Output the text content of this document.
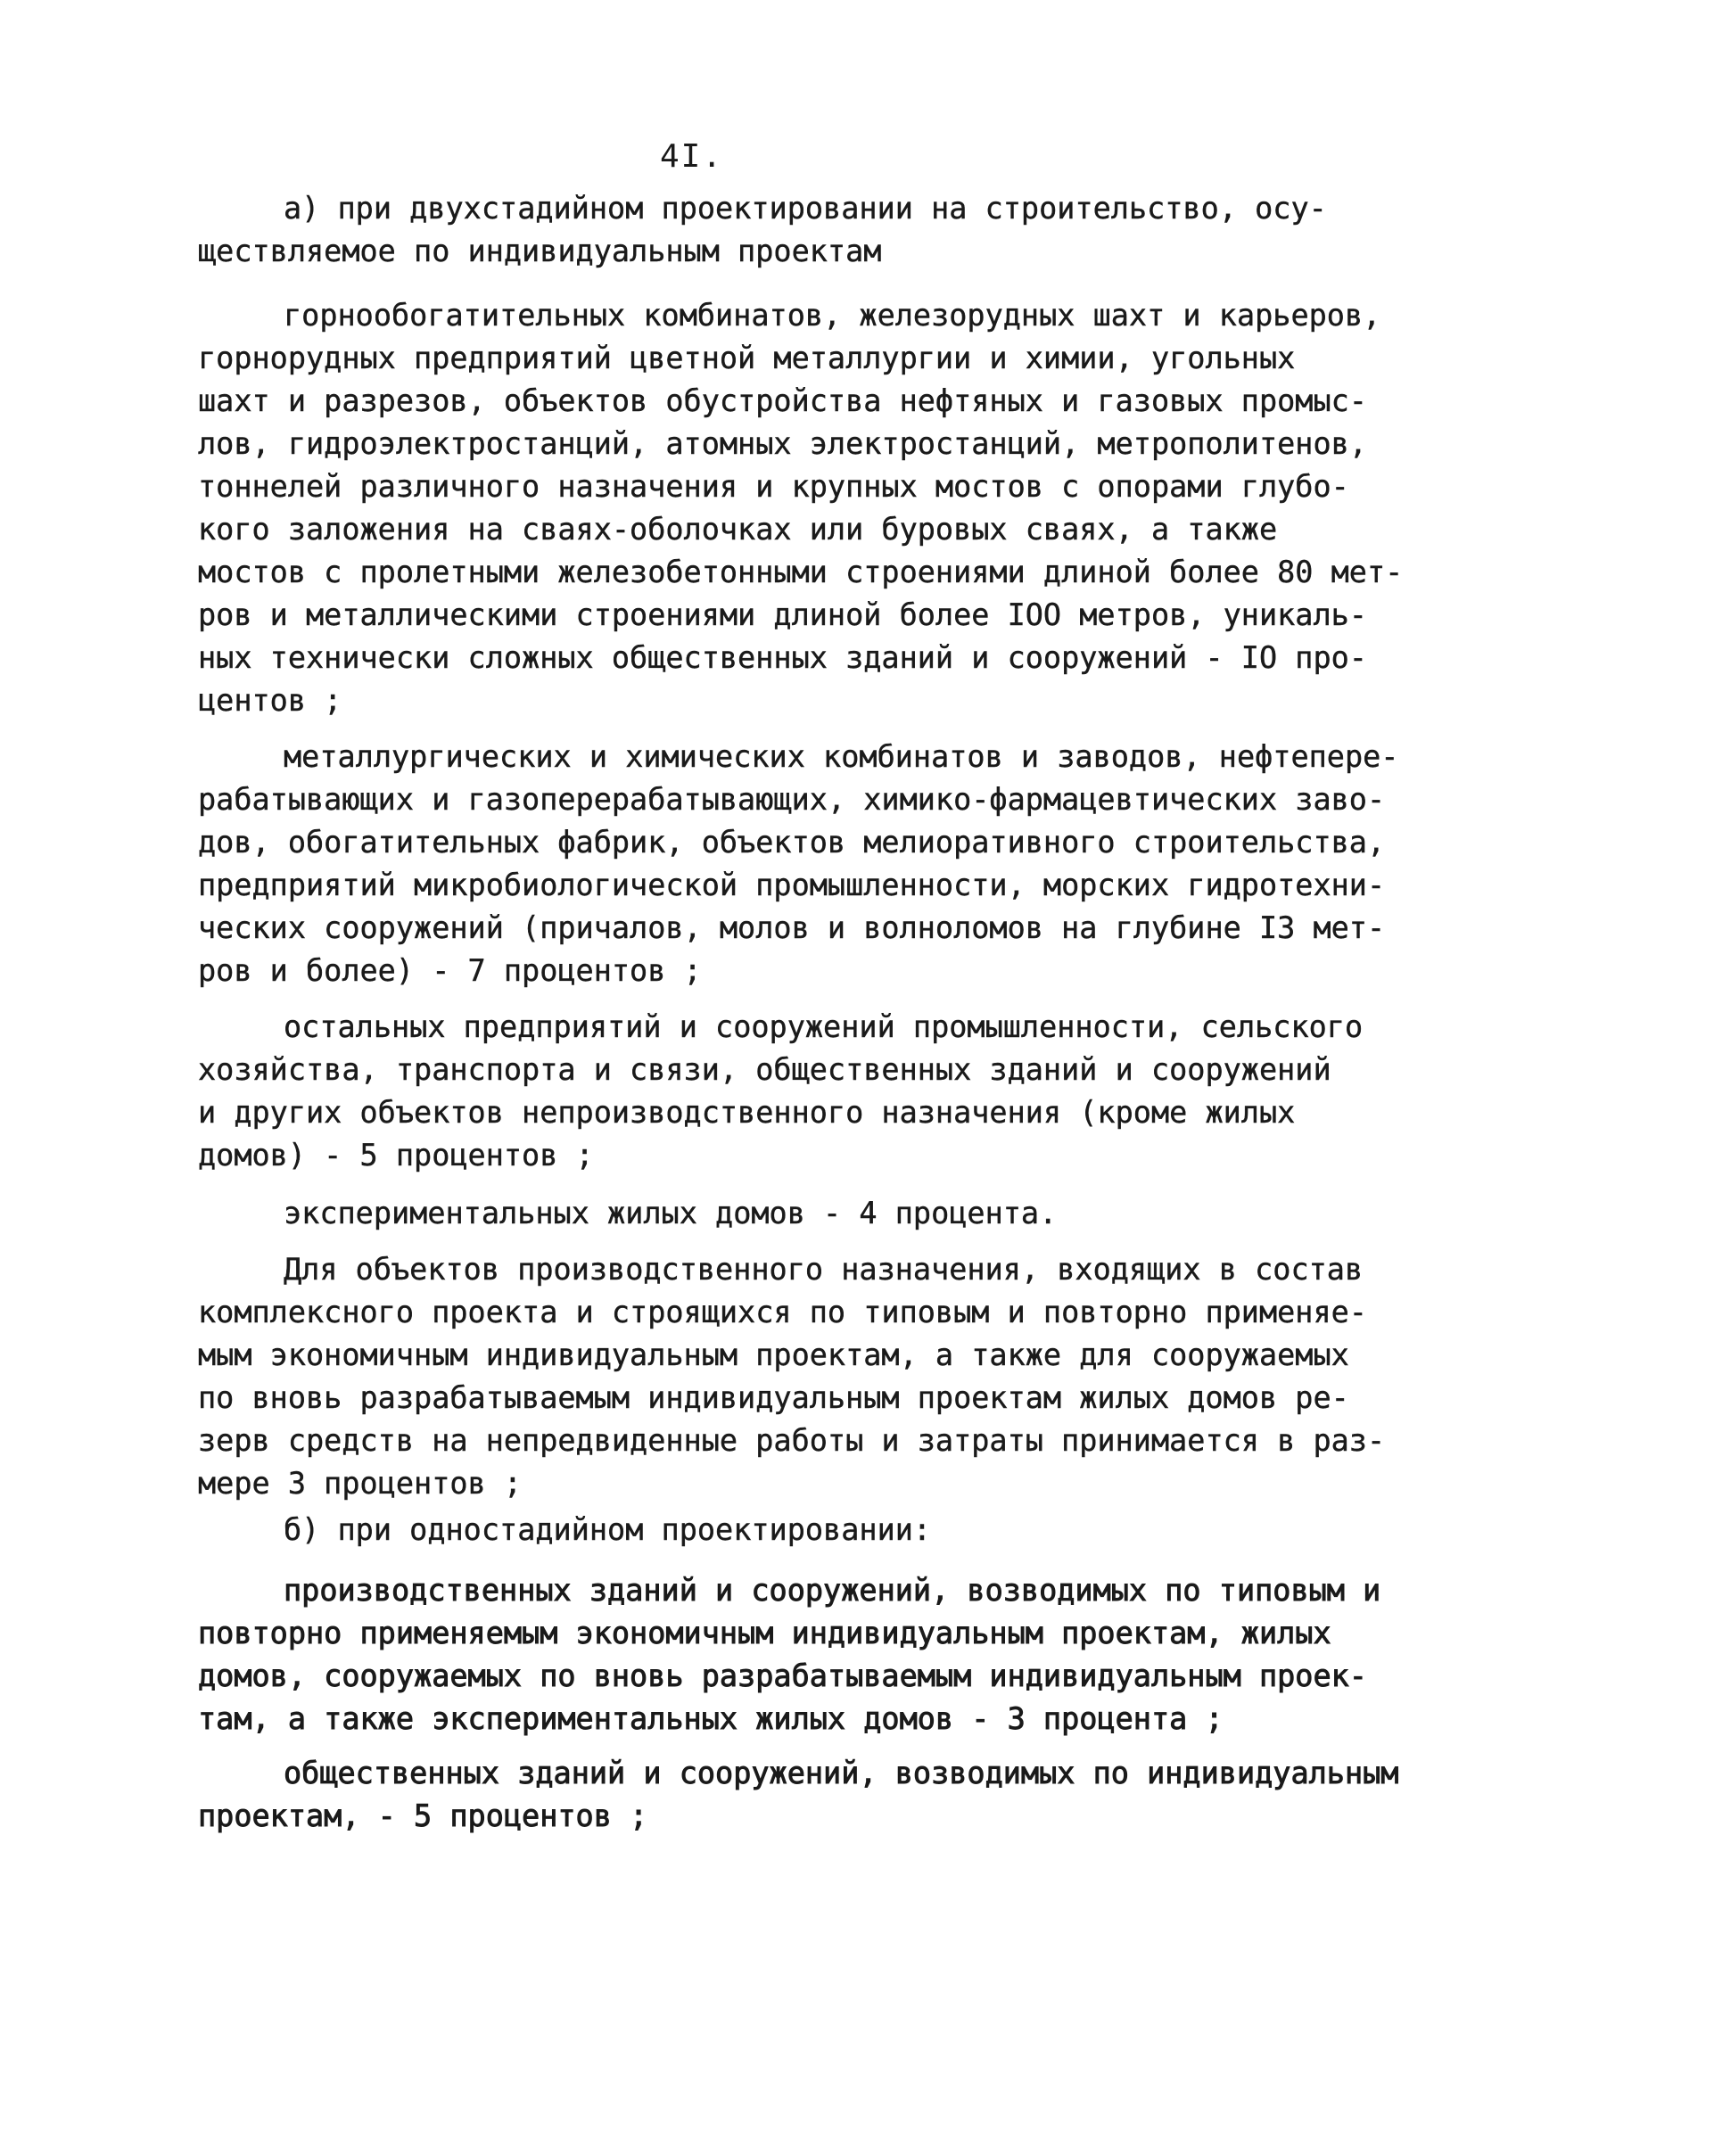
4I.
а) при двухстадийном проектировании на строительство, осу-
ществляемое по индивидуальным проектам
горнообогатительных комбинатов, железорудных шахт и карьеров,
горнорудных предприятий цветной металлургии и химии, угольных
шахт и разрезов, объектов обустройства нефтяных и газовых промыс-
лов, гидроэлектростанций, атомных электростанций, метрополитенов,
тоннелей различного назначения и крупных мостов с опорами глубо-
кого заложения на сваях-оболочках или буровых сваях, а также
мостов с пролетными железобетонными строениями длиной более 80 мет-
ров и металлическими строениями длиной более IOO метров, уникаль-
ных технически сложных общественных зданий и сооружений - IO про-
центов ;
металлургических и химических комбинатов и заводов, нефтепере-
рабатывающих и газоперерабатывающих, химико-фармацевтических заво-
дов, обогатительных фабрик, объектов мелиоративного строительства,
предприятий микробиологической промышленности, морских гидротехни-
ческих сооружений (причалов, молов и волноломов на глубине I3 мет-
ров и более) - 7 процентов ;
остальных предприятий и сооружений промышленности, сельского
хозяйства, транспорта и связи, общественных зданий и сооружений
и других объектов непроизводственного назначения (кроме жилых
домов) - 5 процентов ;
экспериментальных жилых домов - 4 процента.
Для объектов производственного назначения, входящих в состав
комплексного проекта и строящихся по типовым и повторно применяе-
мым экономичным индивидуальным проектам, а также для сооружаемых
по вновь разрабатываемым индивидуальным проектам жилых домов ре-
зерв средств на непредвиденные работы и затраты принимается в раз-
мере 3 процентов ;
б) при одностадийном проектировании:
производственных зданий и сооружений, возводимых по типовым и
повторно применяемым экономичным индивидуальным проектам, жилых
домов, сооружаемых по вновь разрабатываемым индивидуальным проек-
там, а также экспериментальных жилых домов - 3 процента ;
общественных зданий и сооружений, возводимых по индивидуальным
проектам, - 5 процентов ;
